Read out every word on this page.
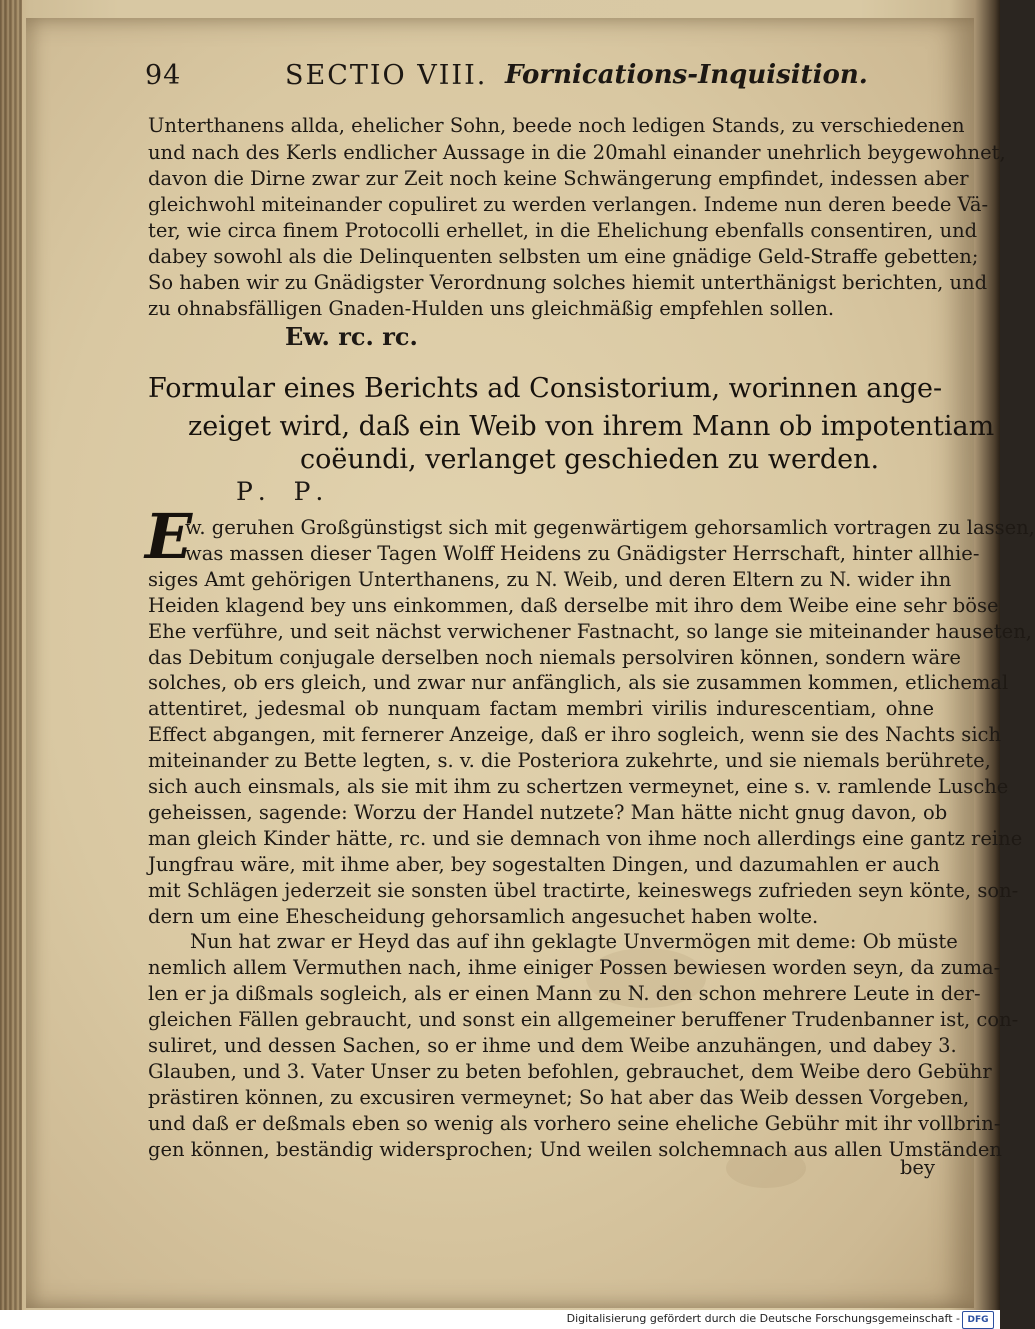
94	SECTIO VIII. Fornications-Inquisition.
Unterthanens allda, ehelicher Sohn, beede noch ledigen Stands, zu verschiedenen
und nach des Kerls endlicher Aussage in die 20mahl einander unehrlich beygewohnet,
davon die Dirne zwar zur Zeit noch keine Schwängerung empfindet, indessen aber
gleichwohl miteinander copuliret zu werden verlangen. Indeme nun deren beede Vä-
ter, wie circa finem Protocolli erhellet, in die Ehelichung ebenfalls consentiren, und
dabey sowohl als die Delinquenten selbsten um eine gnädige Geld-Straffe gebetten;
So haben wir zu Gnädigster Verordnung solches hiemit unterthänigst berichten, und
zu ohnabsfälligen Gnaden-Hulden uns gleichmäßig empfehlen sollen.
Ew. rc. rc.
Formular eines Berichts ad Consistorium, worinnen ange-
zeiget wird, daß ein Weib von ihrem Mann ob impotentiam
coëundi, verlanget geschieden zu werden.
P. P.
E
w. geruhen Großgünstigst sich mit gegenwärtigem gehorsamlich vortragen zu lassen,
was massen dieser Tagen Wolff Heidens zu Gnädigster Herrschaft, hinter allhie-
siges Amt gehörigen Unterthanens, zu N. Weib, und deren Eltern zu N. wider ihn
Heiden klagend bey uns einkommen, daß derselbe mit ihro dem Weibe eine sehr böse
Ehe verführe, und seit nächst verwichener Fastnacht, so lange sie miteinander hauseten,
das Debitum conjugale derselben noch niemals persolviren können, sondern wäre
solches, ob ers gleich, und zwar nur anfänglich, als sie zusammen kommen, etlichemal
attentiret, jedesmal ob nunquam factam membri virilis indurescentiam, ohne
Effect abgangen, mit fernerer Anzeige, daß er ihro sogleich, wenn sie des Nachts sich
miteinander zu Bette legten, s. v. die Posteriora zukehrte, und sie niemals berührete,
sich auch einsmals, als sie mit ihm zu schertzen vermeynet, eine s. v. ramlende Lusche
geheissen, sagende: Worzu der Handel nutzete? Man hätte nicht gnug davon, ob
man gleich Kinder hätte, rc. und sie demnach von ihme noch allerdings eine gantz reine
Jungfrau wäre, mit ihme aber, bey sogestalten Dingen, und dazumahlen er auch
mit Schlägen jederzeit sie sonsten übel tractirte, keineswegs zufrieden seyn könte, son-
dern um eine Ehescheidung gehorsamlich angesuchet haben wolte.
Nun hat zwar er Heyd das auf ihn geklagte Unvermögen mit deme: Ob müste
nemlich allem Vermuthen nach, ihme einiger Possen bewiesen worden seyn, da zuma-
len er ja dißmals sogleich, als er einen Mann zu N. den schon mehrere Leute in der-
gleichen Fällen gebraucht, und sonst ein allgemeiner beruffener Trudenbanner ist, con-
suliret, und dessen Sachen, so er ihme und dem Weibe anzuhängen, und dabey 3.
Glauben, und 3. Vater Unser zu beten befohlen, gebrauchet, dem Weibe dero Gebühr
prästiren können, zu excusiren vermeynet; So hat aber das Weib dessen Vorgeben,
und daß er deßmals eben so wenig als vorhero seine eheliche Gebühr mit ihr vollbrin-
gen können, beständig widersprochen; Und weilen solchemnach aus allen Umständen
bey
Digitalisierung gefördert durch die Deutsche Forschungsgemeinschaft - DFG
